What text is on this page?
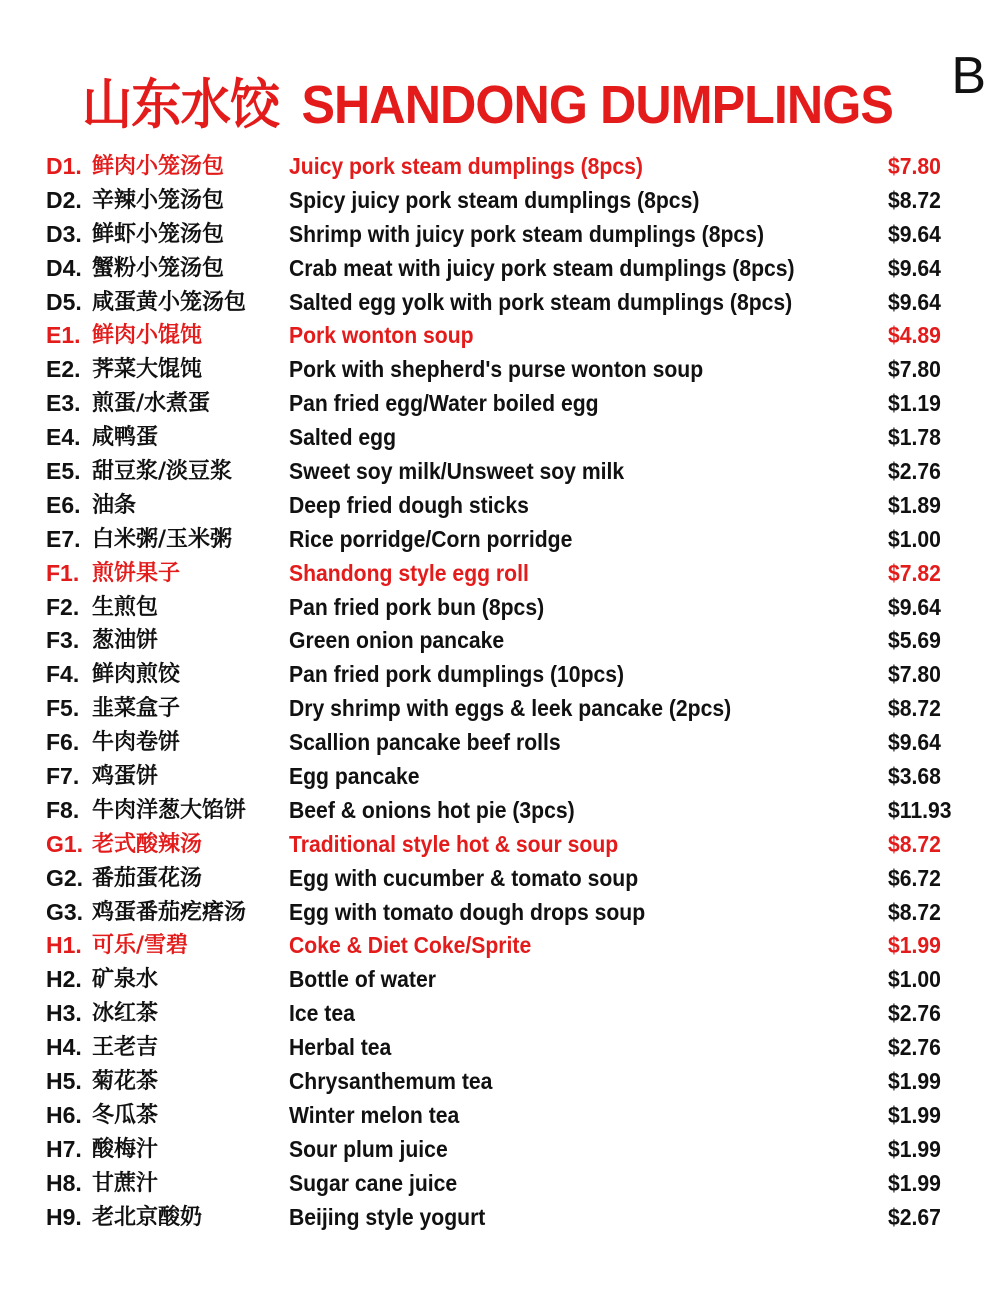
B
山东水饺 SHANDONG DUMPLINGS
D1. 鲜肉小笼汤包	Juicy pork steam dumplings (8pcs)	$7.80
D2. 辛辣小笼汤包	Spicy juicy pork steam dumplings (8pcs)	$8.72
D3. 鲜虾小笼汤包	Shrimp with juicy pork steam dumplings (8pcs)	$9.64
D4. 蟹粉小笼汤包	Crab meat with juicy pork steam dumplings (8pcs)	$9.64
D5. 咸蛋黄小笼汤包 Salted egg yolk with pork steam dumplings (8pcs)	$9.64
E1. 鲜肉小馄饨	Pork wonton soup	$4.89
E2. 荠菜大馄饨	Pork with shepherd's purse wonton soup	$7.80
E3. 煎蛋/水煮蛋	Pan fried egg/Water boiled egg	$1.19
E4. 咸鸭蛋	Salted egg	$1.78
E5. 甜豆浆/淡豆浆 Sweet soy milk/Unsweet soy milk	$2.76
E6. 油条	Deep fried dough sticks	$1.89
E7. 白米粥/玉米粥 Rice porridge/Corn porridge	$1.00
F1. 煎饼果子	Shandong style egg roll	$7.82
F2. 生煎包	Pan fried pork bun (8pcs)	$9.64
F3. 葱油饼	Green onion pancake	$5.69
F4. 鲜肉煎饺	Pan fried pork dumplings (10pcs)	$7.80
F5. 韭菜盒子	Dry shrimp with eggs & leek pancake (2pcs)	$8.72
F6. 牛肉卷饼	Scallion pancake beef rolls	$9.64
F7. 鸡蛋饼	Egg pancake	$3.68
F8. 牛肉洋葱大馅饼 Beef & onions hot pie (3pcs)	$11.93
G1. 老式酸辣汤	Traditional style hot & sour soup	$8.72
G2. 番茄蛋花汤	Egg with cucumber & tomato soup	$6.72
G3. 鸡蛋番茄疙瘩汤 Egg with tomato dough drops soup	$8.72
H1. 可乐/雪碧	Coke & Diet Coke/Sprite	$1.99
H2. 矿泉水	Bottle of water	$1.00
H3. 冰红茶	Ice tea	$2.76
H4. 王老吉	Herbal tea	$2.76
H5. 菊花茶	Chrysanthemum tea	$1.99
H6. 冬瓜茶	Winter melon tea	$1.99
H7. 酸梅汁	Sour plum juice	$1.99
H8. 甘蔗汁	Sugar cane juice	$1.99
H9. 老北京酸奶	Beijing style yogurt	$2.67
